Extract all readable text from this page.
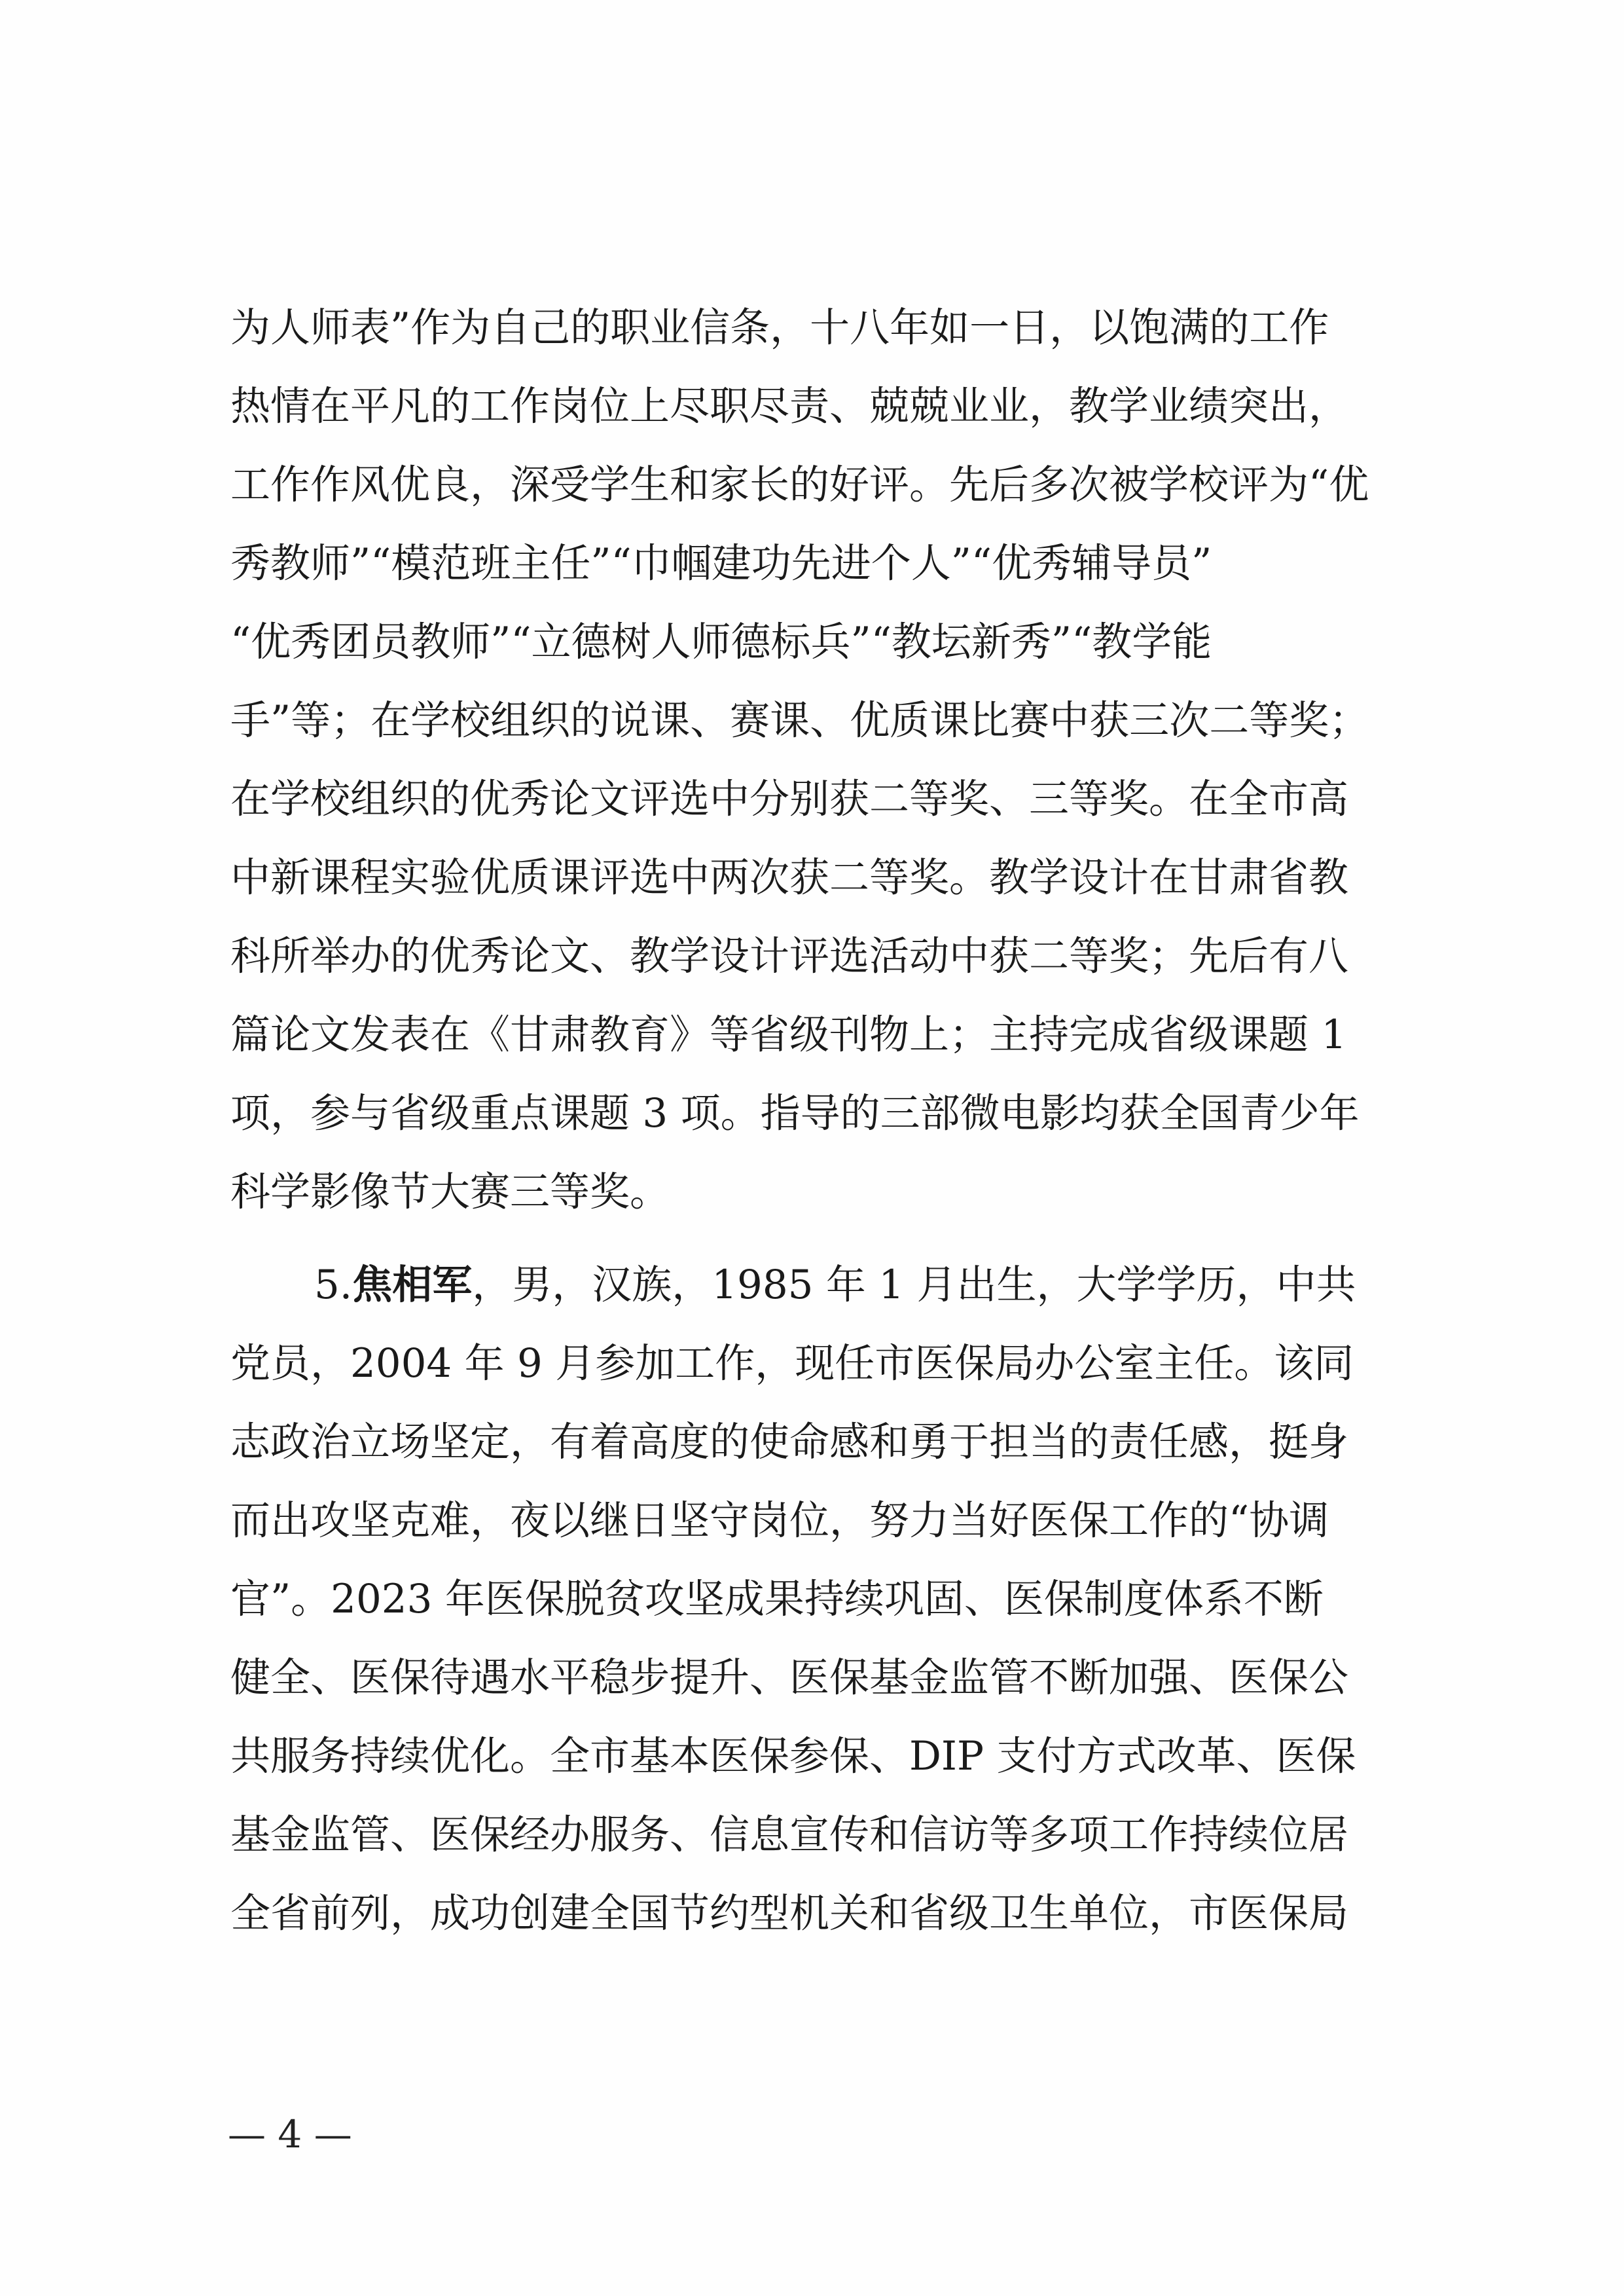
为人师表”作为自己的职业信条，十八年如一日，以饱满的工作
热情在平凡的工作岗位上尽职尽责、兢兢业业，教学业绩突出，
工作作风优良，深受学生和家长的好评。先后多次被学校评为“优
秀教师”“模范班主任”“巾帼建功先进个人”“优秀辅导员”
“优秀团员教师”“立德树人师德标兵”“教坛新秀”“教学能
手”等；在学校组织的说课、赛课、优质课比赛中获三次二等奖；
在学校组织的优秀论文评选中分别获二等奖、三等奖。在全市高
中新课程实验优质课评选中两次获二等奖。教学设计在甘肃省教
科所举办的优秀论文、教学设计评选活动中获二等奖；先后有八
篇论文发表在《甘肃教育》等省级刊物上；主持完成省级课题 1
项，参与省级重点课题 3 项。指导的三部微电影均获全国青少年
科学影像节大赛三等奖。
5.焦相军，男，汉族，1985 年 1 月出生，大学学历，中共
党员，2004 年 9 月参加工作，现任市医保局办公室主任。该同
志政治立场坚定，有着高度的使命感和勇于担当的责任感，挺身
而出攻坚克难，夜以继日坚守岗位，努力当好医保工作的“协调
官”。2023 年医保脱贫攻坚成果持续巩固、医保制度体系不断
健全、医保待遇水平稳步提升、医保基金监管不断加强、医保公
共服务持续优化。全市基本医保参保、DIP 支付方式改革、医保
基金监管、医保经办服务、信息宣传和信访等多项工作持续位居
全省前列，成功创建全国节约型机关和省级卫生单位，市医保局
— 4 —
